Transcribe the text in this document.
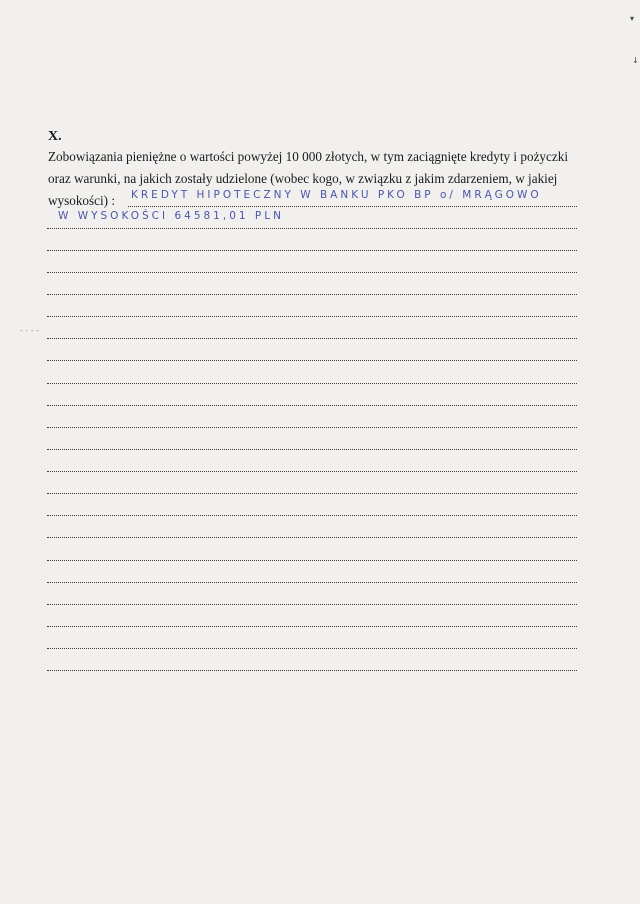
X.
Zobowiązania pieniężne o wartości powyżej 10 000 złotych, w tym zaciągnięte kredyty i pożyczki
oraz warunki, na jakich zostały udzielone (wobec kogo, w związku z jakim zdarzeniem, w jakiej
wysokości) :	KREDYT HIPOTECZNY W BANKU PKO BP o/ MRĄGOWO
W WYSOKOŚCI 64581,01 PLN
▾
↓
- - - -
